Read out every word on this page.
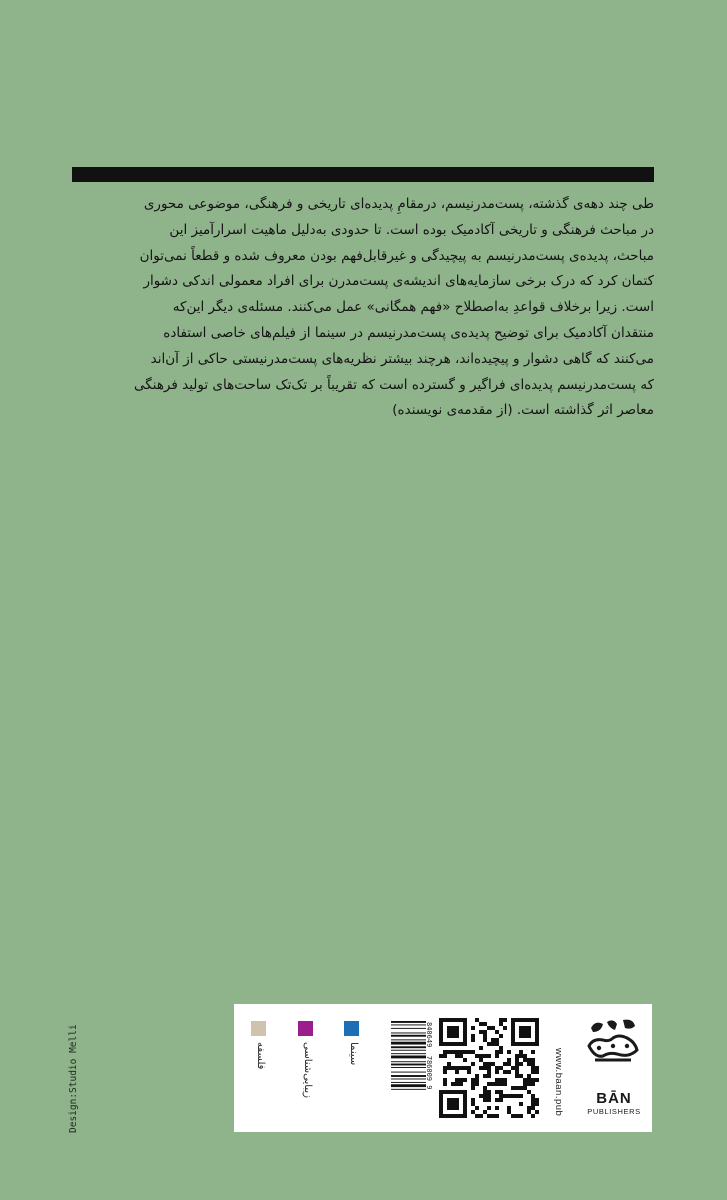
طی چند دهه‌ی گذشته، پست‌مدرنیسم، درمقامِ پدیده‌ای تاریخی و فرهنگی، موضوعی محوری

در مباحث فرهنگی و تاریخی آکادمیک بوده است. تا حدودی به‌دلیل ماهیت اسرارآمیز این

مباحث، پدیده‌ی پست‌مدرنیسم به پیچیدگی و غیرقابل‌فهم بودن معروف شده و قطعاً نمی‌توان

کتمان کرد که درک برخی سازمایه‌های اندیشه‌ی پست‌مدرن برای افراد معمولی اندکی دشوار

است. زیرا برخلاف قواعدِ به‌اصطلاح «فهم همگانی» عمل می‌کنند. مسئله‌ی دیگر این‌که

منتقدان آکادمیک برای توضیح پدیده‌ی پست‌مدرنیسم در سینما از فیلم‌های خاصی استفاده

می‌کنند که گاهی دشوار و پیچیده‌اند، هرچند بیشتر نظریه‌های پست‌مدرنیستی حاکی از آن‌اند

که پست‌مدرنیسم پدیده‌ای فراگیر و گسترده است که تقریباً بر تک‌تک ساحت‌های تولید فرهنگی

معاصر اثر گذاشته است. (از مقدمه‌ی نویسنده)

Design:Studio Melli	فلسفه	زیبایی‌شناسی	سینما
840649  786009 9	www.baan.pub	BĀN
PUBLISHERS
